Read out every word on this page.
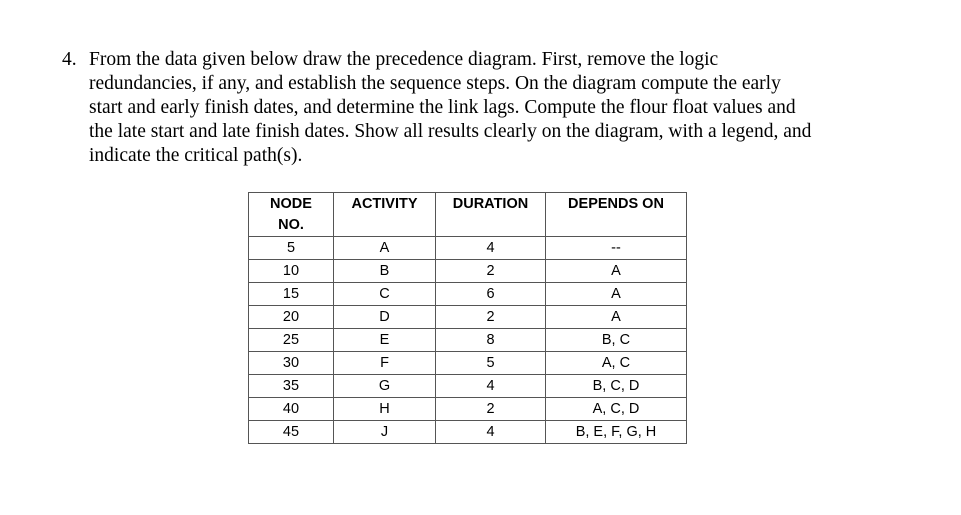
4. From the data given below draw the precedence diagram. First, remove the logic
redundancies, if any, and establish the sequence steps. On the diagram compute the early
start and early finish dates, and determine the link lags. Compute the flour float values and
the late start and late finish dates. Show all results clearly on the diagram, with a legend, and
indicate the critical path(s).
NODE
NO.	ACTIVITY	DURATION	DEPENDS ON
5	A	4	--
10	B	2	A
15	C	6	A
20	D	2	A
25	E	8	B, C
30	F	5	A, C
35	G	4	B, C, D
40	H	2	A, C, D
45	J	4	B, E, F, G, H
